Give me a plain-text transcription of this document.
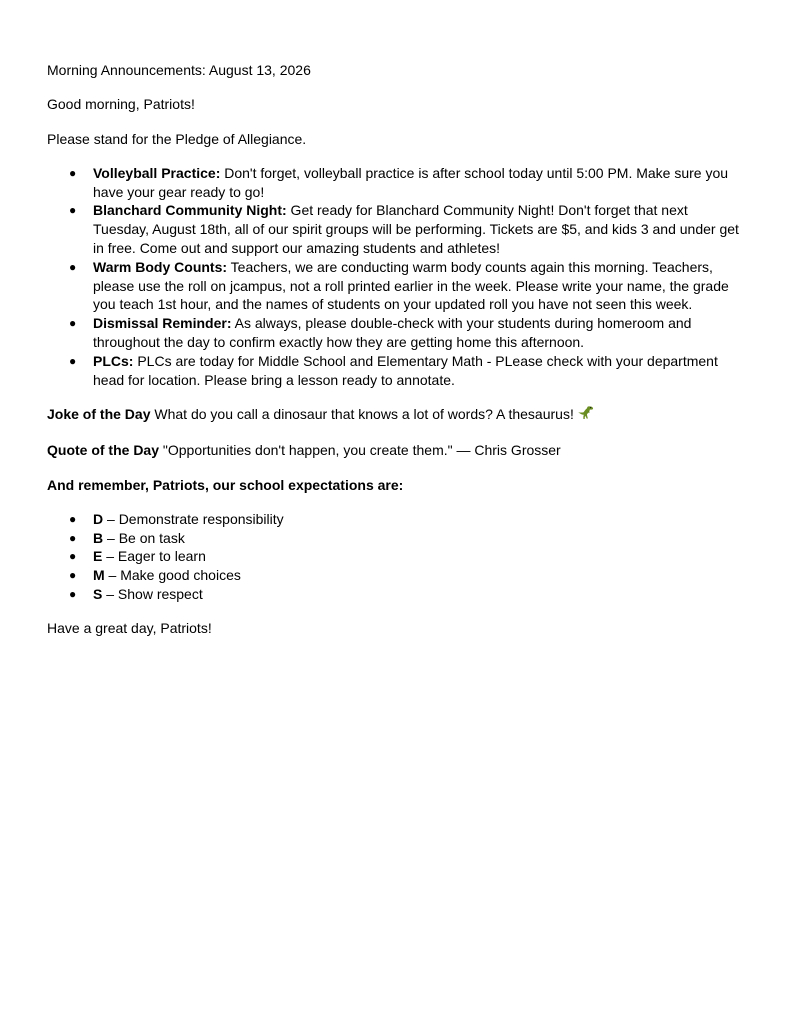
Morning Announcements: August 13, 2026

Good morning, Patriots!

Please stand for the Pledge of Allegiance.

● Volleyball Practice: Don't forget, volleyball practice is after school today until 5:00 PM. Make sure you have your gear ready to go!
● Blanchard Community Night: Get ready for Blanchard Community Night! Don't forget that next Tuesday, August 18th, all of our spirit groups will be performing. Tickets are $5, and kids 3 and under get in free. Come out and support our amazing students and athletes!
● Warm Body Counts: Teachers, we are conducting warm body counts again this morning. Teachers, please use the roll on jcampus, not a roll printed earlier in the week. Please write your name, the grade you teach 1st hour, and the names of students on your updated roll you have not seen this week.
● Dismissal Reminder: As always, please double-check with your students during homeroom and throughout the day to confirm exactly how they are getting home this afternoon.
● PLCs: PLCs are today for Middle School and Elementary Math - PLease check with your department head for location. Please bring a lesson ready to annotate.

Joke of the Day What do you call a dinosaur that knows a lot of words? A thesaurus!

Quote of the Day "Opportunities don't happen, you create them." — Chris Grosser

And remember, Patriots, our school expectations are:

● D – Demonstrate responsibility
● B – Be on task
● E – Eager to learn
● M – Make good choices
● S – Show respect

Have a great day, Patriots!
